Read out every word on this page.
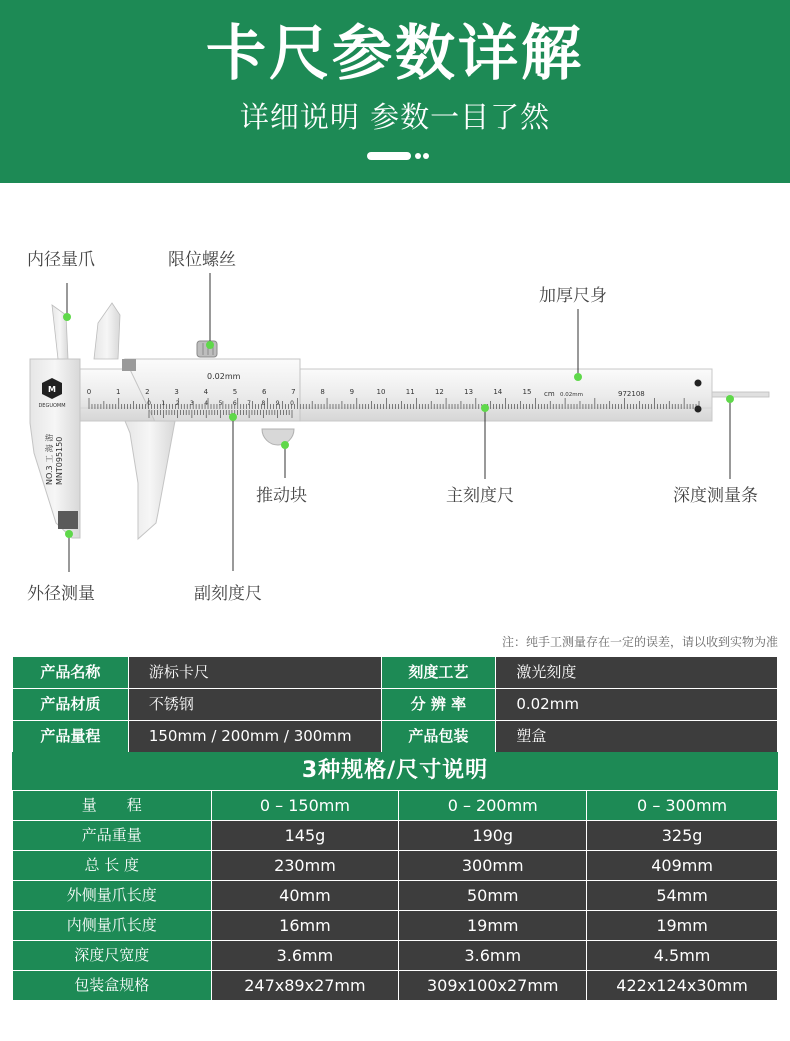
卡尺参数详解
详细说明 参数一目了然
M
DEGUOMM
NO.3 工 海 游 MNT095150
0.02mm
cm 0.02mm	972108
0	1	2	3	4	5	6	7	8	9	10	11	12	13	14	15
0 1 2 3 4 5 6 7 8 9 0
内径量爪	限位螺丝
加厚尺身
推动块	主刻度尺	深度测量条
外径测量	副刻度尺
注：纯手工测量存在一定的误差，请以收到实物为准
产品名称	游标卡尺	刻度工艺	激光刻度
产品材质	不锈钢	分 辨 率	0.02mm
产品量程	150mm / 200mm / 300mm	产品包装	塑盒
3种规格/尺寸说明
量　　程	0 – 150mm	0 – 200mm	0 – 300mm
产品重量	145g	190g	325g
总 长 度	230mm	300mm	409mm
外侧量爪长度	40mm	50mm	54mm
内侧量爪长度	16mm	19mm	19mm
深度尺宽度	3.6mm	3.6mm	4.5mm
包装盒规格	247x89x27mm	309x100x27mm	422x124x30mm
